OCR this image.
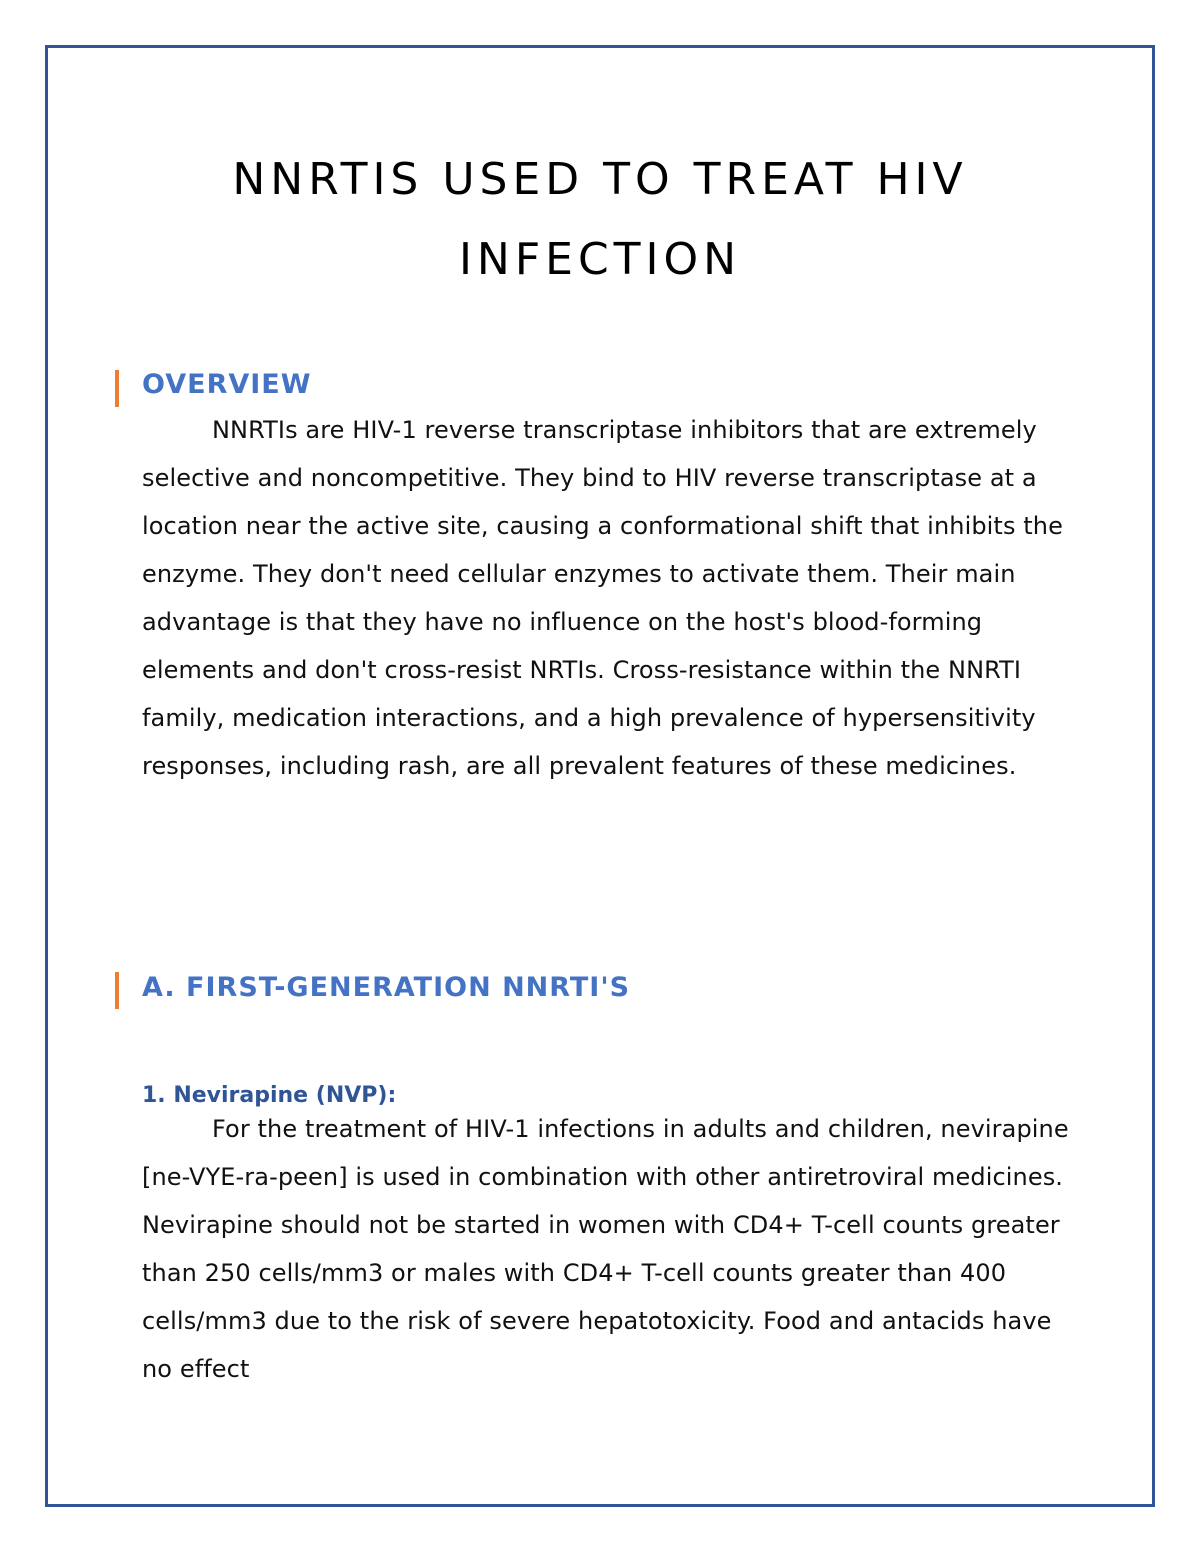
NNRTIS USED TO TREAT HIV INFECTION
OVERVIEW

NNRTIs are HIV-1 reverse transcriptase inhibitors that are extremely selective and noncompetitive. They bind to HIV reverse transcriptase at a location near the active site, causing a conformational shift that inhibits the enzyme. They don't need cellular enzymes to activate them. Their main advantage is that they have no influence on the host's blood-forming elements and don't cross-resist NRTIs. Cross-resistance within the NNRTI family, medication interactions, and a high prevalence of hypersensitivity responses, including rash, are all prevalent features of these medicines.

A. FIRST-GENERATION NNRTI'S
1. Nevirapine (NVP):

For the treatment of HIV-1 infections in adults and children, nevirapine [ne-VYE-ra-peen] is used in combination with other antiretroviral medicines. Nevirapine should not be started in women with CD4+ T-cell counts greater than 250 cells/mm3 or males with CD4+ T-cell counts greater than 400 cells/mm3 due to the risk of severe hepatotoxicity. Food and antacids have no effect
